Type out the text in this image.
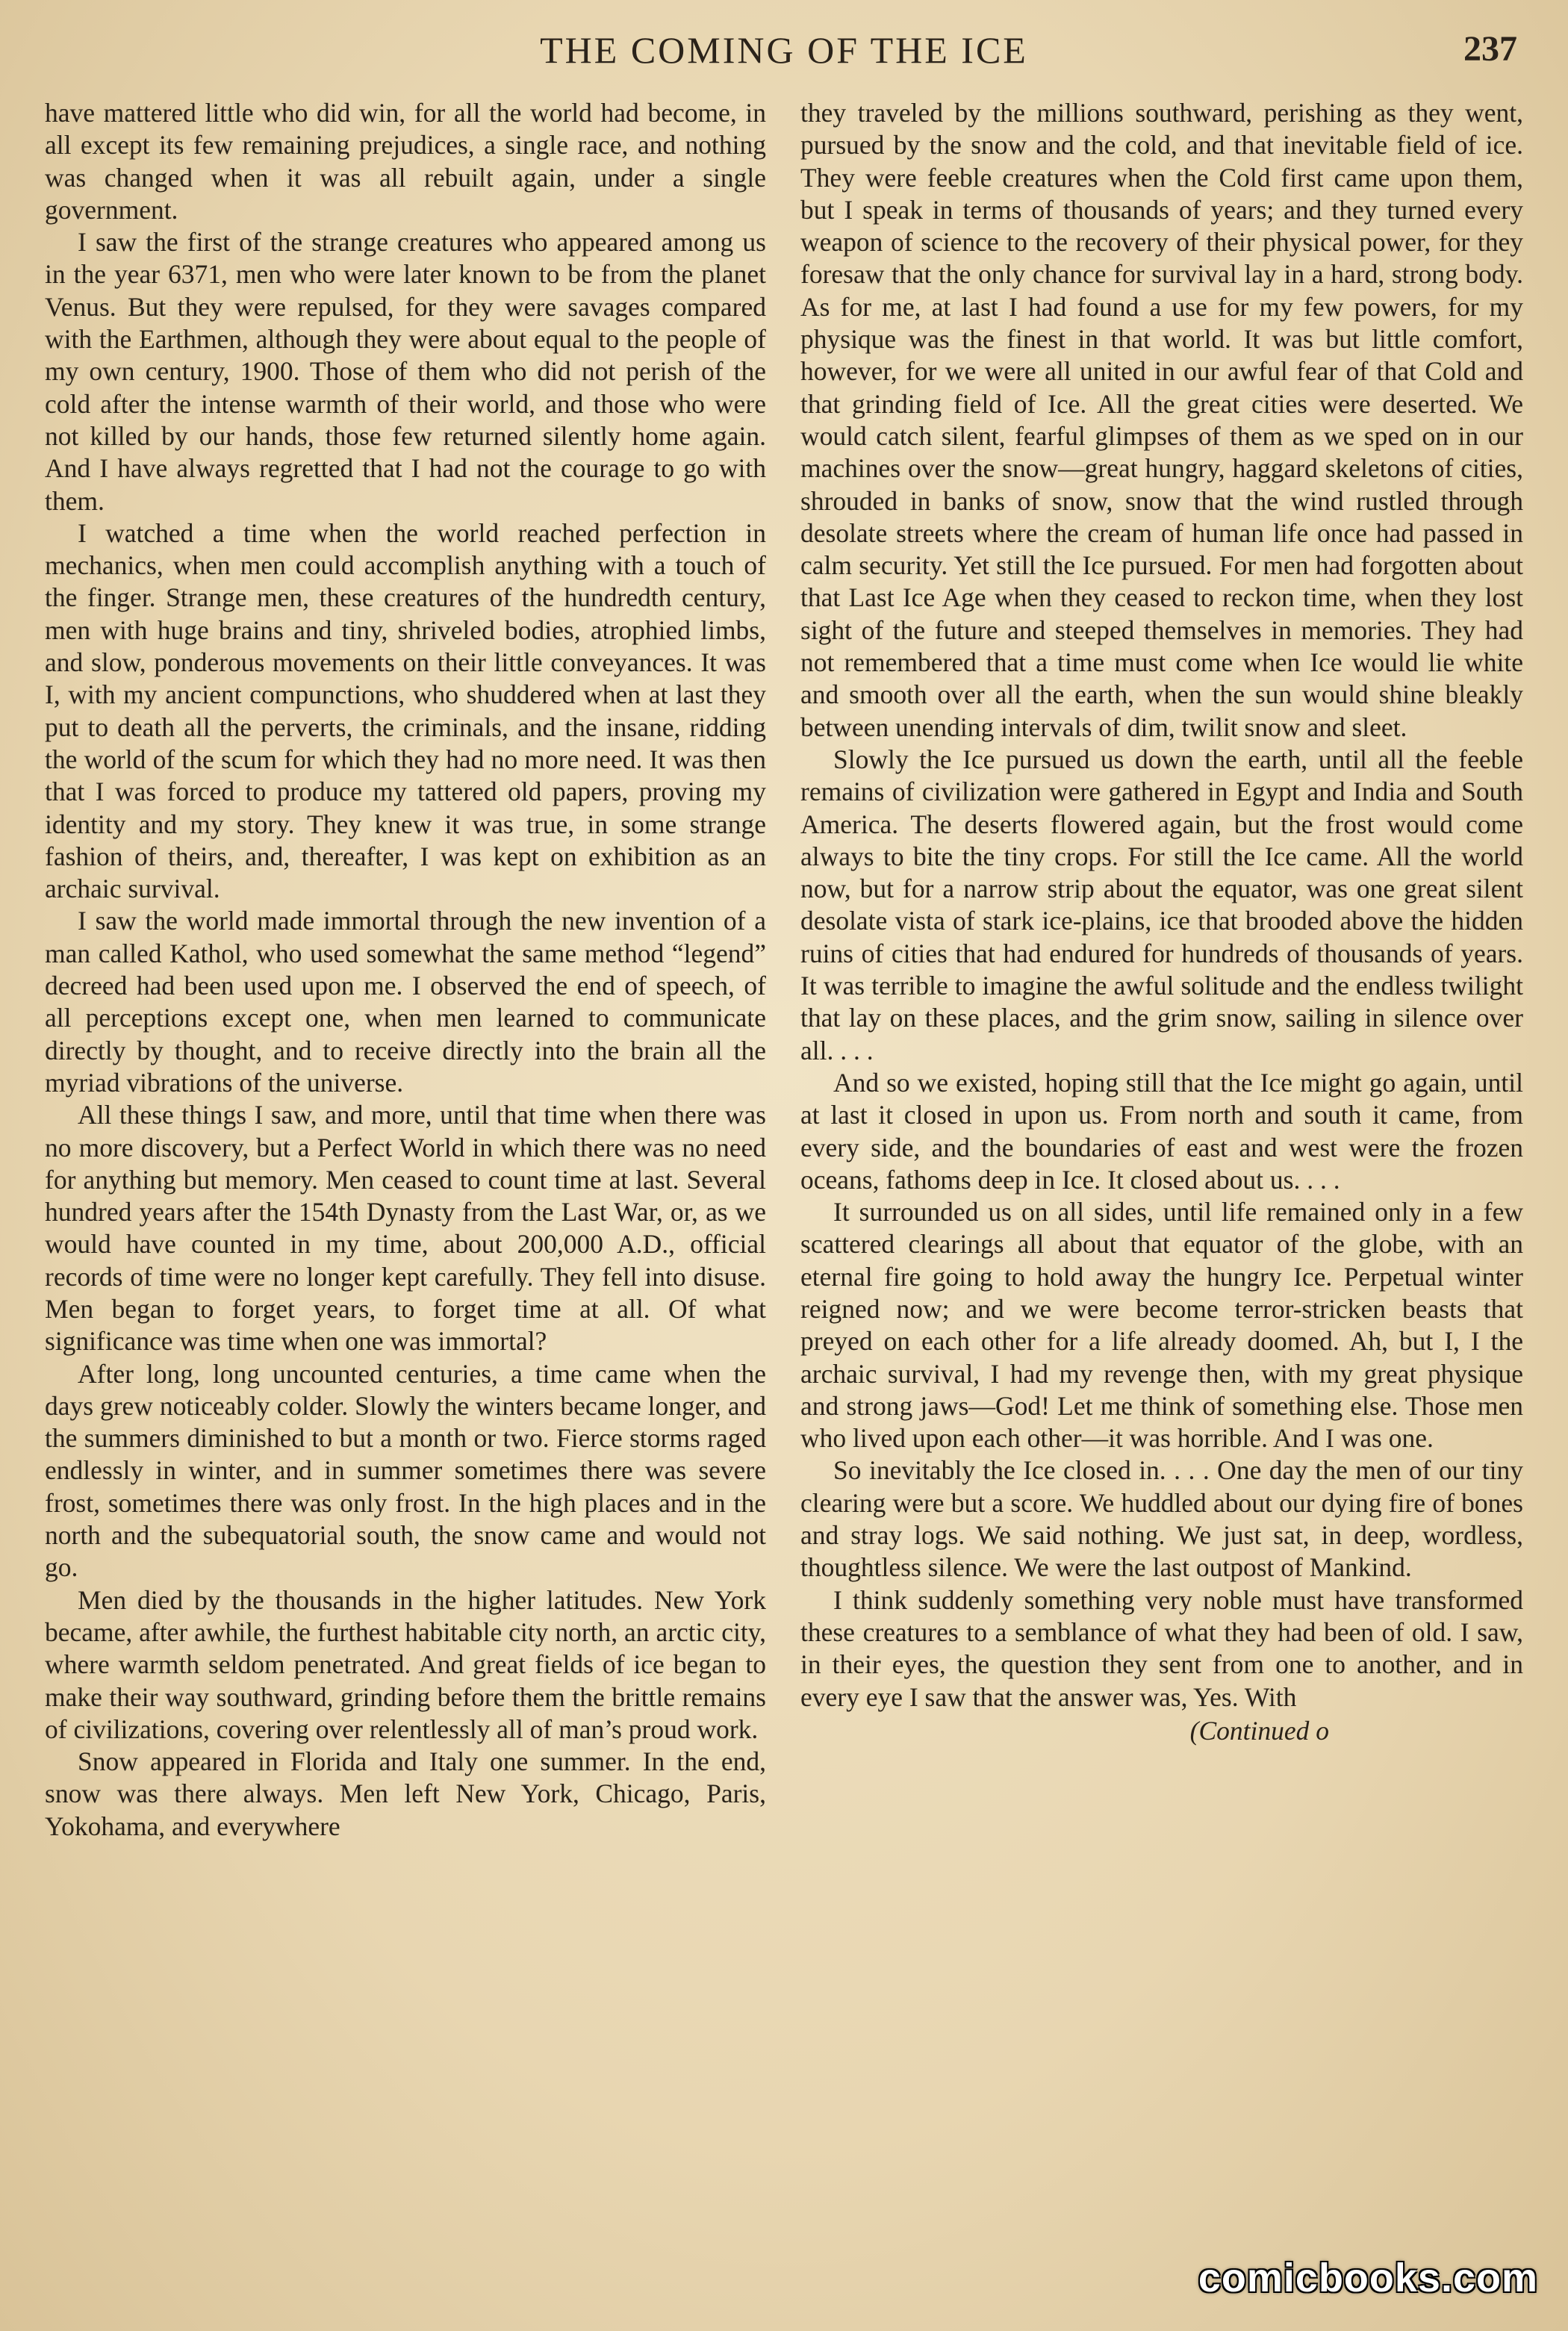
THE COMING OF THE ICE	237

have mattered little who did win, for all the world had become, in all except its few remaining prejudices, a single race, and nothing was changed when it was all rebuilt again, under a single government.

I saw the first of the strange creatures who appeared among us in the year 6371, men who were later known to be from the planet Venus. But they were repulsed, for they were savages compared with the Earthmen, although they were about equal to the people of my own century, 1900. Those of them who did not perish of the cold after the intense warmth of their world, and those who were not killed by our hands, those few returned silently home again. And I have always regretted that I had not the courage to go with them.

I watched a time when the world reached perfection in mechanics, when men could accomplish anything with a touch of the finger. Strange men, these creatures of the hundredth century, men with huge brains and tiny, shriveled bodies, atrophied limbs, and slow, ponderous movements on their little conveyances. It was I, with my ancient compunctions, who shuddered when at last they put to death all the perverts, the criminals, and the insane, ridding the world of the scum for which they had no more need. It was then that I was forced to produce my tattered old papers, proving my identity and my story. They knew it was true, in some strange fashion of theirs, and, thereafter, I was kept on exhibition as an archaic survival.

I saw the world made immortal through the new invention of a man called Kathol, who used somewhat the same method “legend” decreed had been used upon me. I observed the end of speech, of all perceptions except one, when men learned to communicate directly by thought, and to receive directly into the brain all the myriad vibrations of the universe.

All these things I saw, and more, until that time when there was no more discovery, but a Perfect World in which there was no need for anything but memory. Men ceased to count time at last. Several hundred years after the 154th Dynasty from the Last War, or, as we would have counted in my time, about 200,000 A.D., official records of time were no longer kept carefully. They fell into disuse. Men began to forget years, to forget time at all. Of what significance was time when one was immortal?

After long, long uncounted centuries, a time came when the days grew noticeably colder. Slowly the winters became longer, and the summers diminished to but a month or two. Fierce storms raged endlessly in winter, and in summer sometimes there was severe frost, sometimes there was only frost. In the high places and in the north and the subequatorial south, the snow came and would not go.

Men died by the thousands in the higher latitudes. New York became, after awhile, the furthest habitable city north, an arctic city, where warmth seldom penetrated. And great fields of ice began to make their way southward, grinding before them the brittle remains of civilizations, covering over relentlessly all of man’s proud work.

Snow appeared in Florida and Italy one summer. In the end, snow was there always. Men left New York, Chicago, Paris, Yokohama, and everywhere

they traveled by the millions southward, perishing as they went, pursued by the snow and the cold, and that inevitable field of ice. They were feeble creatures when the Cold first came upon them, but I speak in terms of thousands of years; and they turned every weapon of science to the recovery of their physical power, for they foresaw that the only chance for survival lay in a hard, strong body. As for me, at last I had found a use for my few powers, for my physique was the finest in that world. It was but little comfort, however, for we were all united in our awful fear of that Cold and that grinding field of Ice. All the great cities were deserted. We would catch silent, fearful glimpses of them as we sped on in our machines over the snow—great hungry, haggard skeletons of cities, shrouded in banks of snow, snow that the wind rustled through desolate streets where the cream of human life once had passed in calm security. Yet still the Ice pursued. For men had forgotten about that Last Ice Age when they ceased to reckon time, when they lost sight of the future and steeped themselves in memories. They had not remembered that a time must come when Ice would lie white and smooth over all the earth, when the sun would shine bleakly between unending intervals of dim, twilit snow and sleet.

Slowly the Ice pursued us down the earth, until all the feeble remains of civilization were gathered in Egypt and India and South America. The deserts flowered again, but the frost would come always to bite the tiny crops. For still the Ice came. All the world now, but for a narrow strip about the equator, was one great silent desolate vista of stark ice-plains, ice that brooded above the hidden ruins of cities that had endured for hundreds of thousands of years. It was terrible to imagine the awful solitude and the endless twilight that lay on these places, and the grim snow, sailing in silence over all. . . .

And so we existed, hoping still that the Ice might go again, until at last it closed in upon us. From north and south it came, from every side, and the boundaries of east and west were the frozen oceans, fathoms deep in Ice. It closed about us. . . .

It surrounded us on all sides, until life remained only in a few scattered clearings all about that equator of the globe, with an eternal fire going to hold away the hungry Ice. Perpetual winter reigned now; and we were become terror-stricken beasts that preyed on each other for a life already doomed. Ah, but I, I the archaic survival, I had my revenge then, with my great physique and strong jaws—God! Let me think of something else. Those men who lived upon each other—it was horrible. And I was one.

So inevitably the Ice closed in. . . . One day the men of our tiny clearing were but a score. We huddled about our dying fire of bones and stray logs. We said nothing. We just sat, in deep, wordless, thoughtless silence. We were the last outpost of Mankind.

I think suddenly something very noble must have transformed these creatures to a semblance of what they had been of old. I saw, in their eyes, the question they sent from one to another, and in every eye I saw that the answer was, Yes. With

(Continued o
comicbooks.com
